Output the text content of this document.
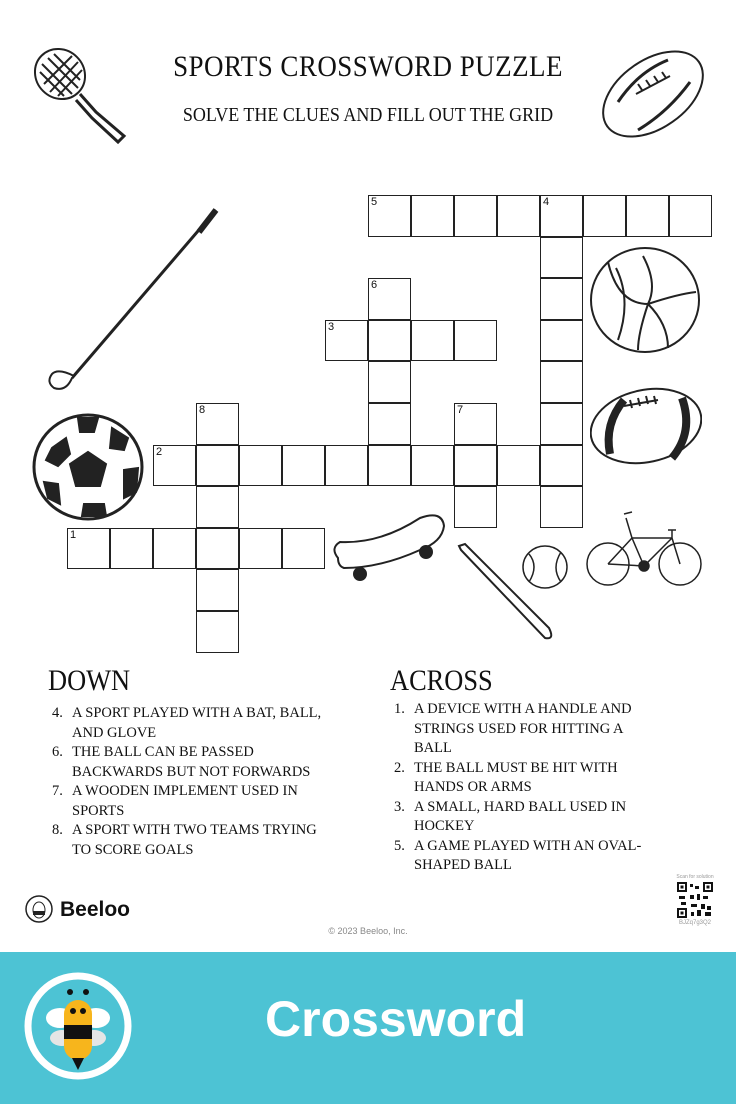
SPORTS CROSSWORD PUZZLE
SOLVE THE CLUES AND FILL OUT THE GRID
5	4
6
3
8	7
2
1
DOWN
4. A SPORT PLAYED WITH A BAT, BALL, AND GLOVE
6. THE BALL CAN BE PASSED BACKWARDS BUT NOT FORWARDS
7. A WOODEN IMPLEMENT USED IN SPORTS
8. A SPORT WITH TWO TEAMS TRYING TO SCORE GOALS
ACROSS
1. A DEVICE WITH A HANDLE AND STRINGS USED FOR HITTING A BALL
2. THE BALL MUST BE HIT WITH HANDS OR ARMS
3. A SMALL, HARD BALL USED IN HOCKEY
5. A GAME PLAYED WITH AN OVAL-SHAPED BALL
Beeloo
© 2023 Beeloo, Inc.
Scan for solution
BJZq7g3Q2
Crossword
